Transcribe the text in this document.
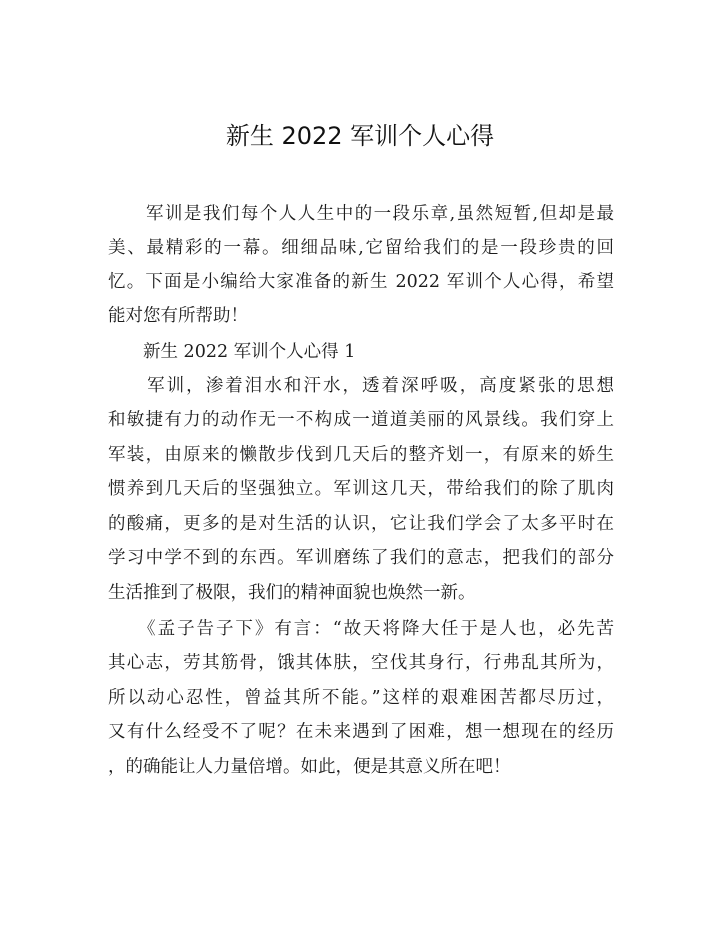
新生 2022 军训个人心得
　　军训是我们每个人人生中的一段乐章,虽然短暂,但却是最
美、最精彩的一幕。细细品味,它留给我们的是一段珍贵的回
忆。下面是小编给大家准备的新生 2022 军训个人心得，希望
能对您有所帮助！
　　新生 2022 军训个人心得 1
　　军训，渗着泪水和汗水，透着深呼吸，高度紧张的思想
和敏捷有力的动作无一不构成一道道美丽的风景线。我们穿上
军装，由原来的懒散步伐到几天后的整齐划一，有原来的娇生
惯养到几天后的坚强独立。军训这几天，带给我们的除了肌肉
的酸痛，更多的是对生活的认识，它让我们学会了太多平时在
学习中学不到的东西。军训磨练了我们的意志，把我们的部分
生活推到了极限，我们的精神面貌也焕然一新。
　　《孟子告子下》有言：“故天将降大任于是人也，必先苦
其心志，劳其筋骨，饿其体肤，空伐其身行，行弗乱其所为，
所以动心忍性，曾益其所不能。”这样的艰难困苦都尽历过，
又有什么经受不了呢？在未来遇到了困难，想一想现在的经历
，的确能让人力量倍增。如此，便是其意义所在吧！
